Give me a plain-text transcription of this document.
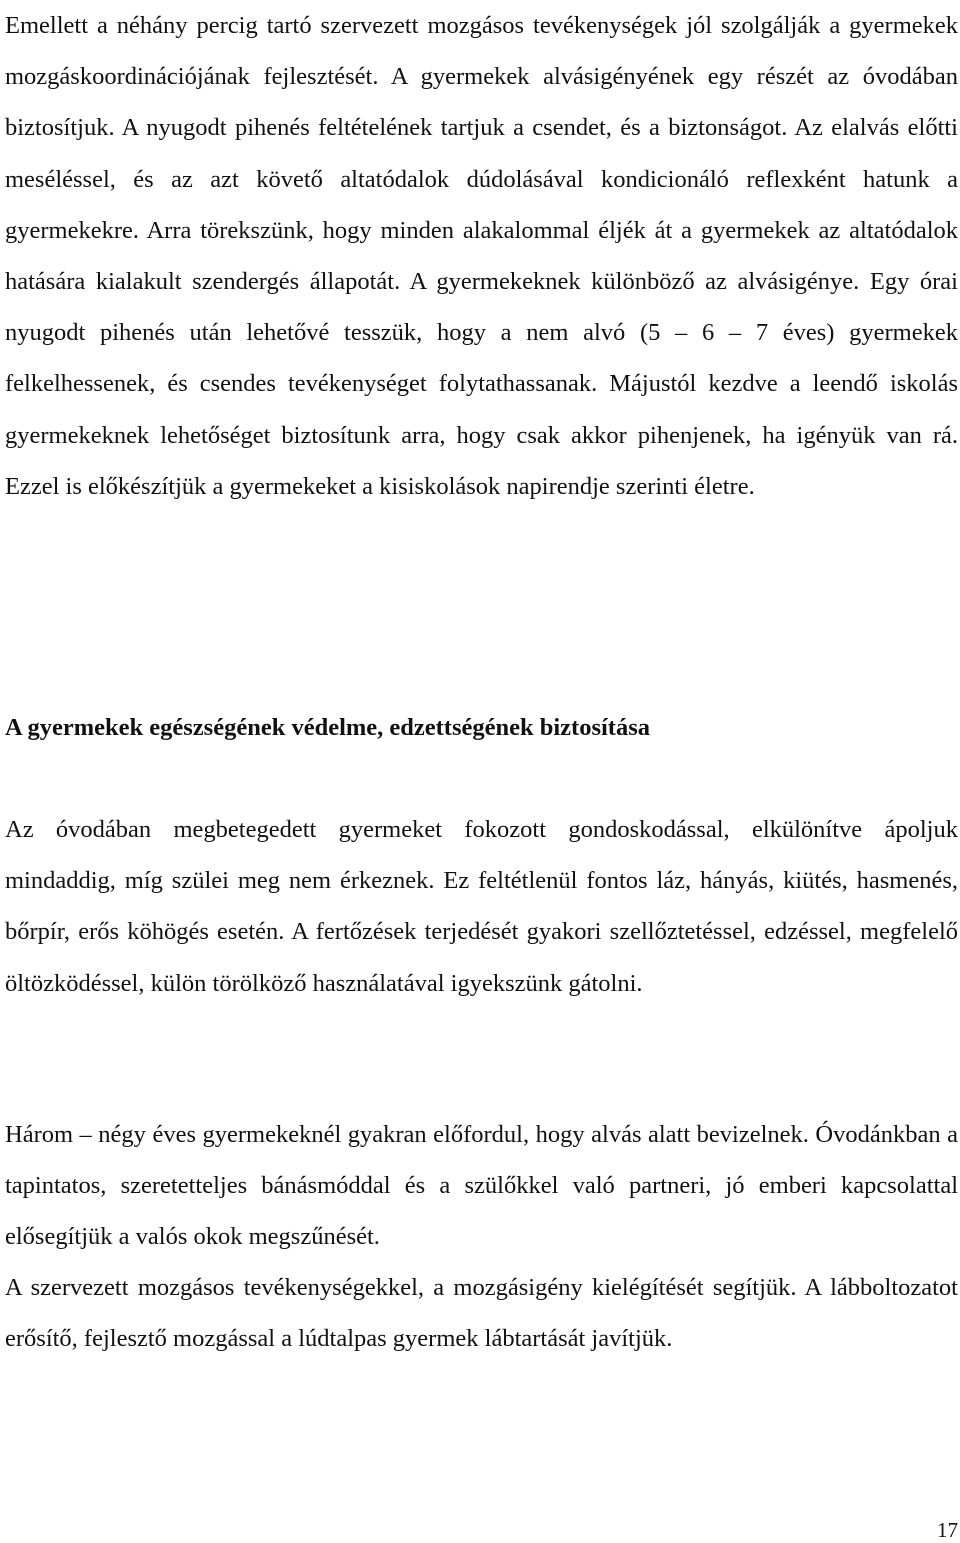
Emellett a néhány percig tartó szervezett mozgásos tevékenységek jól szolgálják a gyermekek mozgáskoordinációjának fejlesztését. A gyermekek alvásigényének egy részét az óvodában biztosítjuk. A nyugodt pihenés feltételének tartjuk a csendet, és a biztonságot. Az elalvás előtti meséléssel, és az azt követő altatódalok dúdolásával kondicionáló reflexként hatunk a gyermekekre. Arra törekszünk, hogy minden alakalommal éljék át a gyermekek az altatódalok hatására kialakult szendergés állapotát. A gyermekeknek különböző az alvásigénye. Egy órai nyugodt pihenés után lehetővé tesszük, hogy a nem alvó (5 – 6 – 7 éves) gyermekek felkelhessenek, és csendes tevékenységet folytathassanak. Májustól kezdve a leendő iskolás gyermekeknek lehetőséget biztosítunk arra, hogy csak akkor pihenjenek, ha igényük van rá. Ezzel is előkészítjük a gyermekeket a kisiskolások napirendje szerinti életre.

A gyermekek egészségének védelme, edzettségének biztosítása

Az óvodában megbetegedett gyermeket fokozott gondoskodással, elkülönítve ápoljuk mindaddig, míg szülei meg nem érkeznek. Ez feltétlenül fontos láz, hányás, kiütés, hasmenés, bőrpír, erős köhögés esetén. A fertőzések terjedését gyakori szellőztetéssel, edzéssel, megfelelő öltözködéssel, külön törölköző használatával igyekszünk gátolni.

Három – négy éves gyermekeknél gyakran előfordul, hogy alvás alatt bevizelnek. Óvodánkban a tapintatos, szeretetteljes bánásmóddal és a szülőkkel való partneri, jó emberi kapcsolattal elősegítjük a valós okok megszűnését.

A szervezett mozgásos tevékenységekkel, a mozgásigény kielégítését segítjük. A lábboltozatot erősítő, fejlesztő mozgással a lúdtalpas gyermek lábtartását javítjük.

17
